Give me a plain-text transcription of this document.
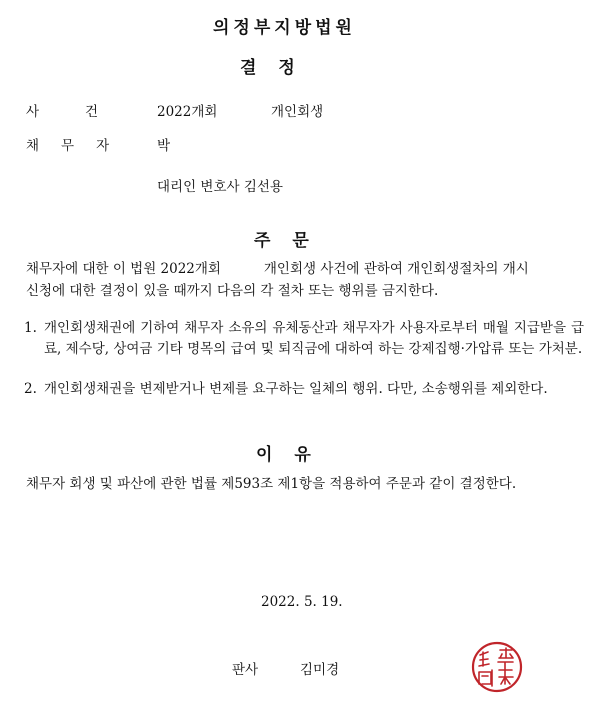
의정부지방법원
결정
사건 2022개회	개인회생
채무자 박
대리인 변호사 김선용
주문
채무자에 대한 이 법원 2022개회          개인회생 사건에 관하여 개인회생절차의 개시
신청에 대한 결정이 있을 때까지 다음의 각 절차 또는 행위를 금지한다.
1. 개인회생채권에 기하여 채무자 소유의 유체동산과 채무자가 사용자로부터 매월 지급받을 급료, 제수당, 상여금 기타 명목의 급여 및 퇴직금에 대하여 하는 강제집행·가압류 또는 가처분.
2. 개인회생채권을 변제받거나 변제를 요구하는 일체의 행위. 다만, 소송행위를 제외한다.
이유
채무자 회생 및 파산에 관한 법률 제593조 제1항을 적용하여 주문과 같이 결정한다.
2022. 5. 19.
판사	김미경
